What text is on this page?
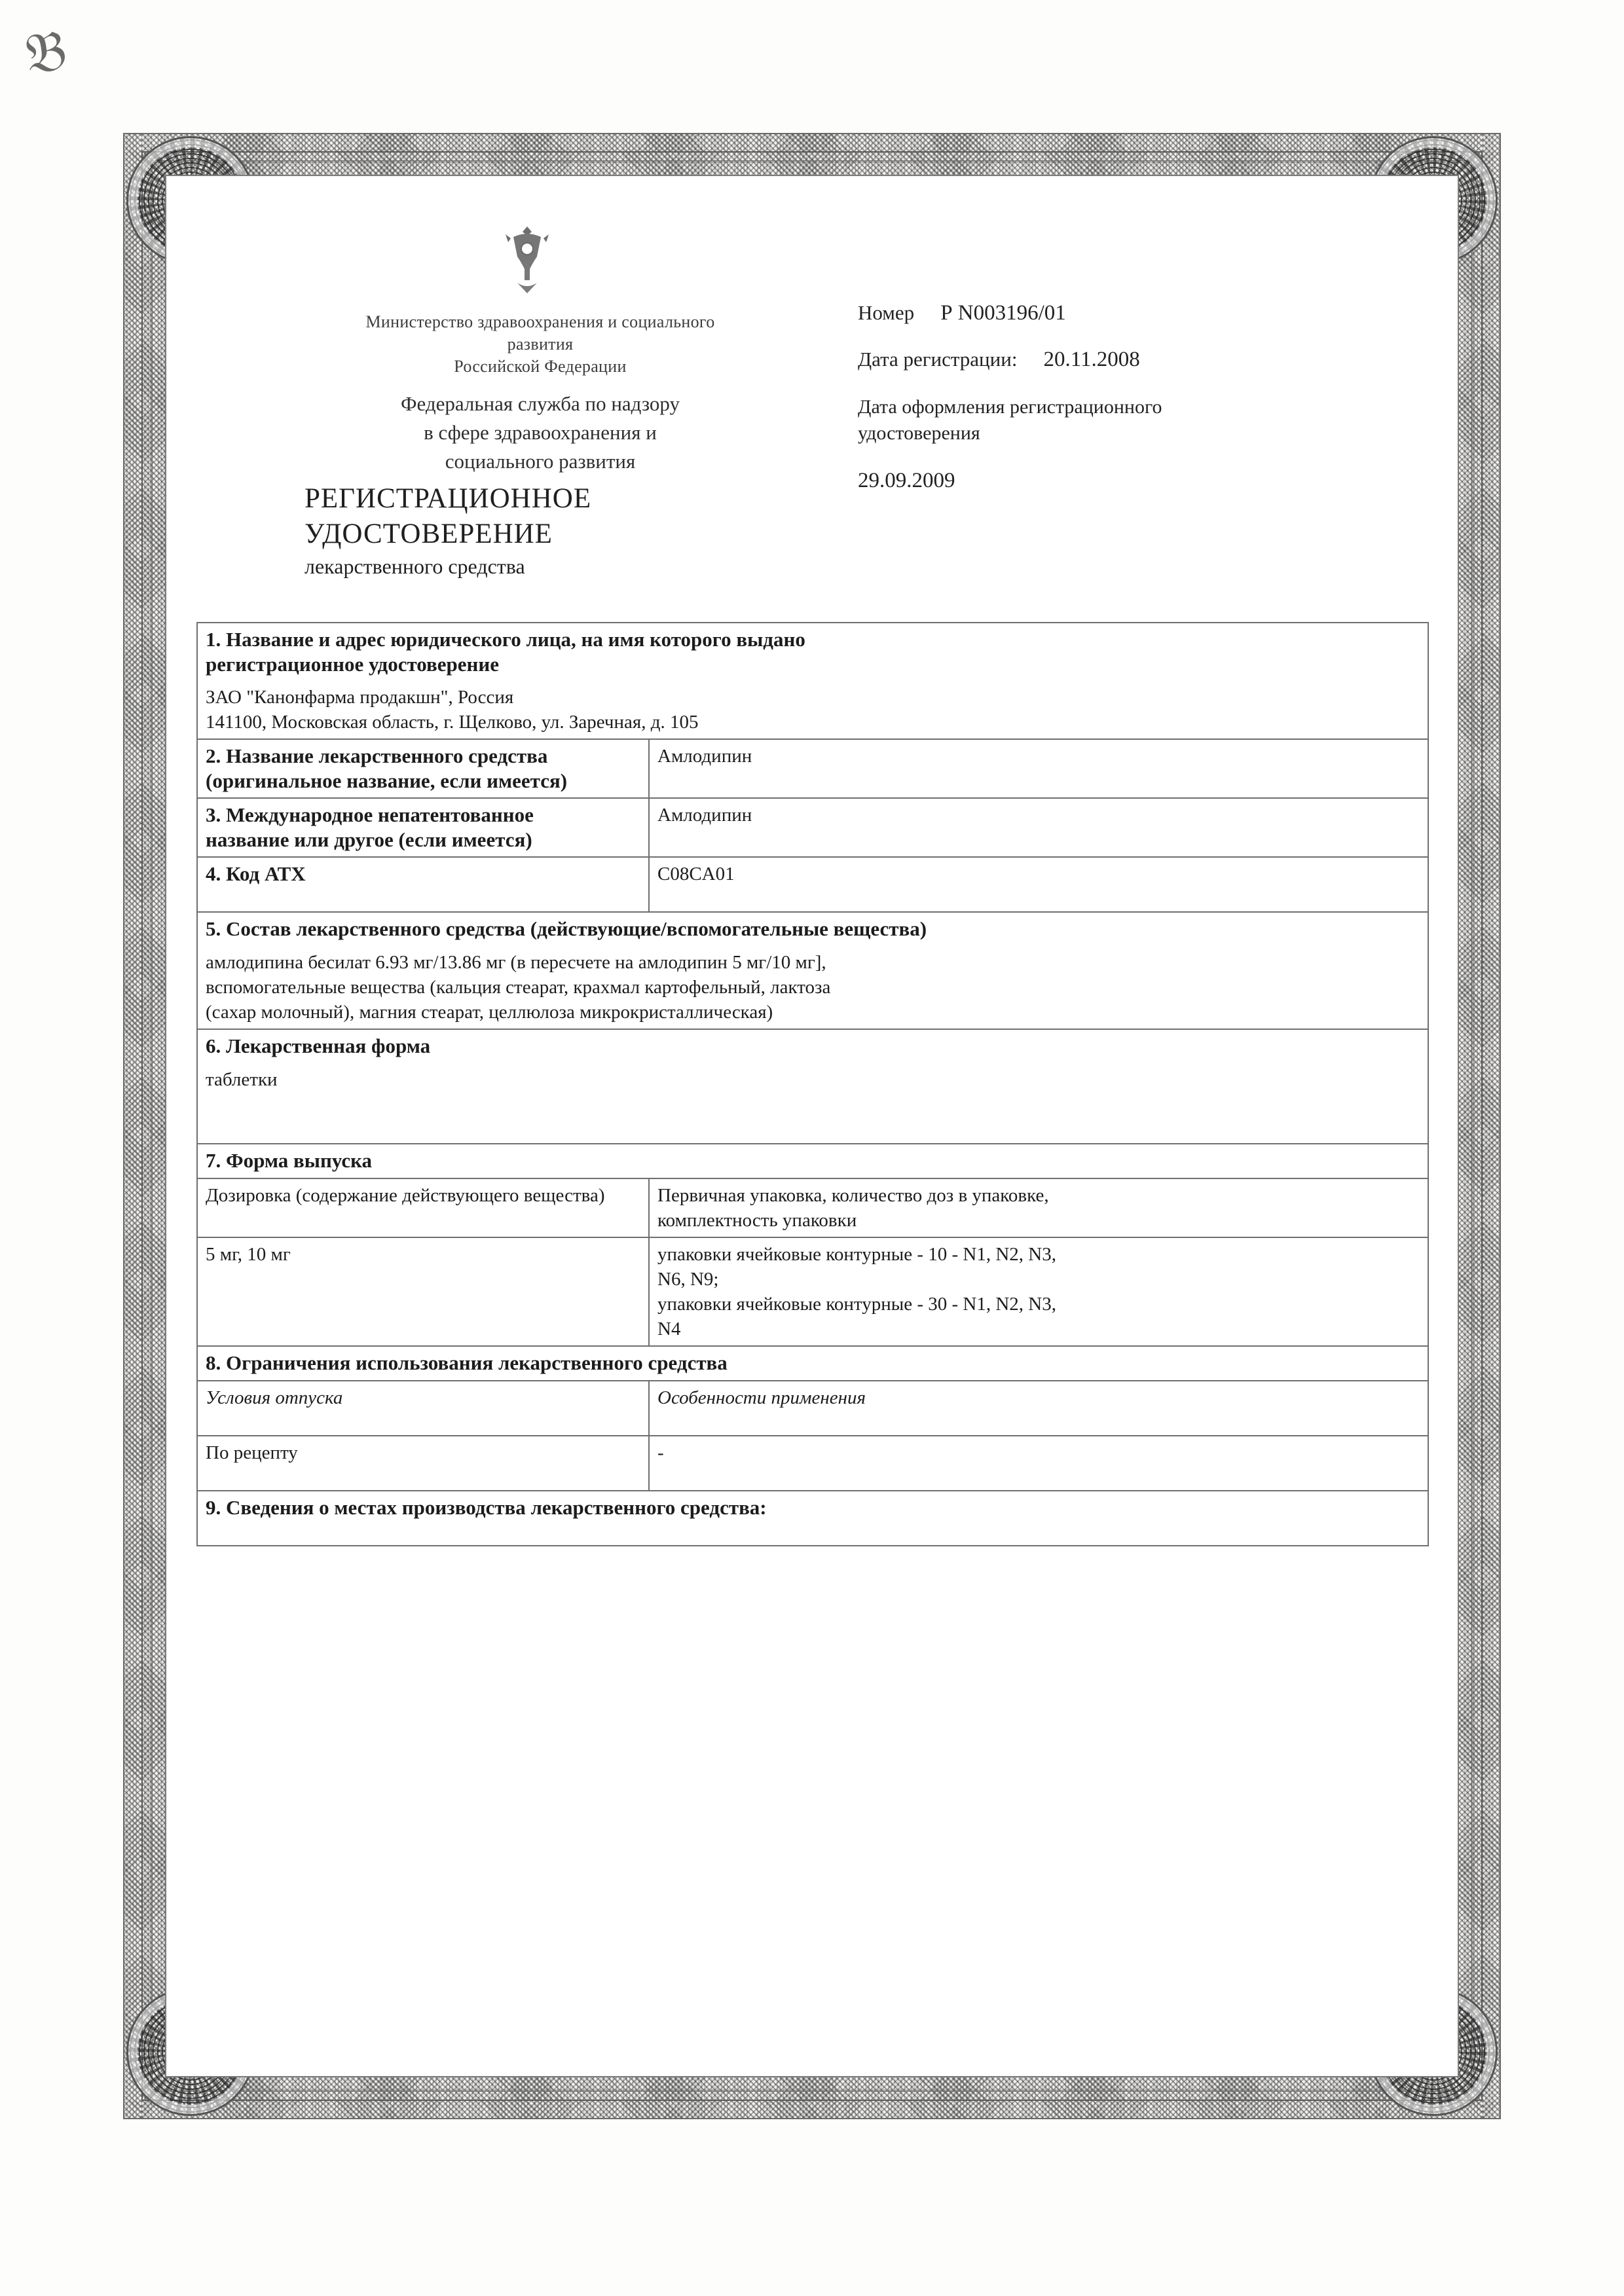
𝔅
Министерство здравоохранения и социального
развития
Российской Федерации
Федеральная служба по надзору
в сфере здравоохранения и
социального развития
РЕГИСТРАЦИОННОЕ
УДОСТОВЕРЕНИЕ
лекарственного средства
Номер Р N003196/01
Дата регистрации: 20.11.2008
Дата оформления регистрационного
удостоверения
29.09.2009
1. Название и адрес юридического лица, на имя которого выдано
регистрационное удостоверение	

ЗАО "Канонфарма продакшн", Россия
141100, Московская область, г. Щелково, ул. Заречная, д. 105	

2. Название лекарственного средства
(оригинальное название, если имеется)	Амлодипин

3. Международное непатентованное
название или другое (если имеется)	Амлодипин
4. Код АТХ	C08CA01
5. Состав лекарственного средства (действующие/вспомогательные вещества)	

амлодипина бесилат 6.93 мг/13.86 мг (в пересчете на амлодипин 5 мг/10 мг],
вспомогательные вещества (кальция стеарат, крахмал картофельный, лактоза
(сахар молочный), магния стеарат, целлюлоза микрокристаллическая)	

6. Лекарственная форма	

таблетки	

7. Форма выпуска	
Дозировка (содержание действующего вещества)	Первичная упаковка, количество доз в упаковке,
комплектность упаковки

5 мг, 10 мг	упаковки ячейковые контурные - 10 - N1, N2, N3,
N6, N9;
упаковки ячейковые контурные - 30 - N1, N2, N3,
N4

8. Ограничения использования лекарственного средства	
Условия отпуска	Особенности применения
По рецепту	-
9. Сведения о местах производства лекарственного средства:	
